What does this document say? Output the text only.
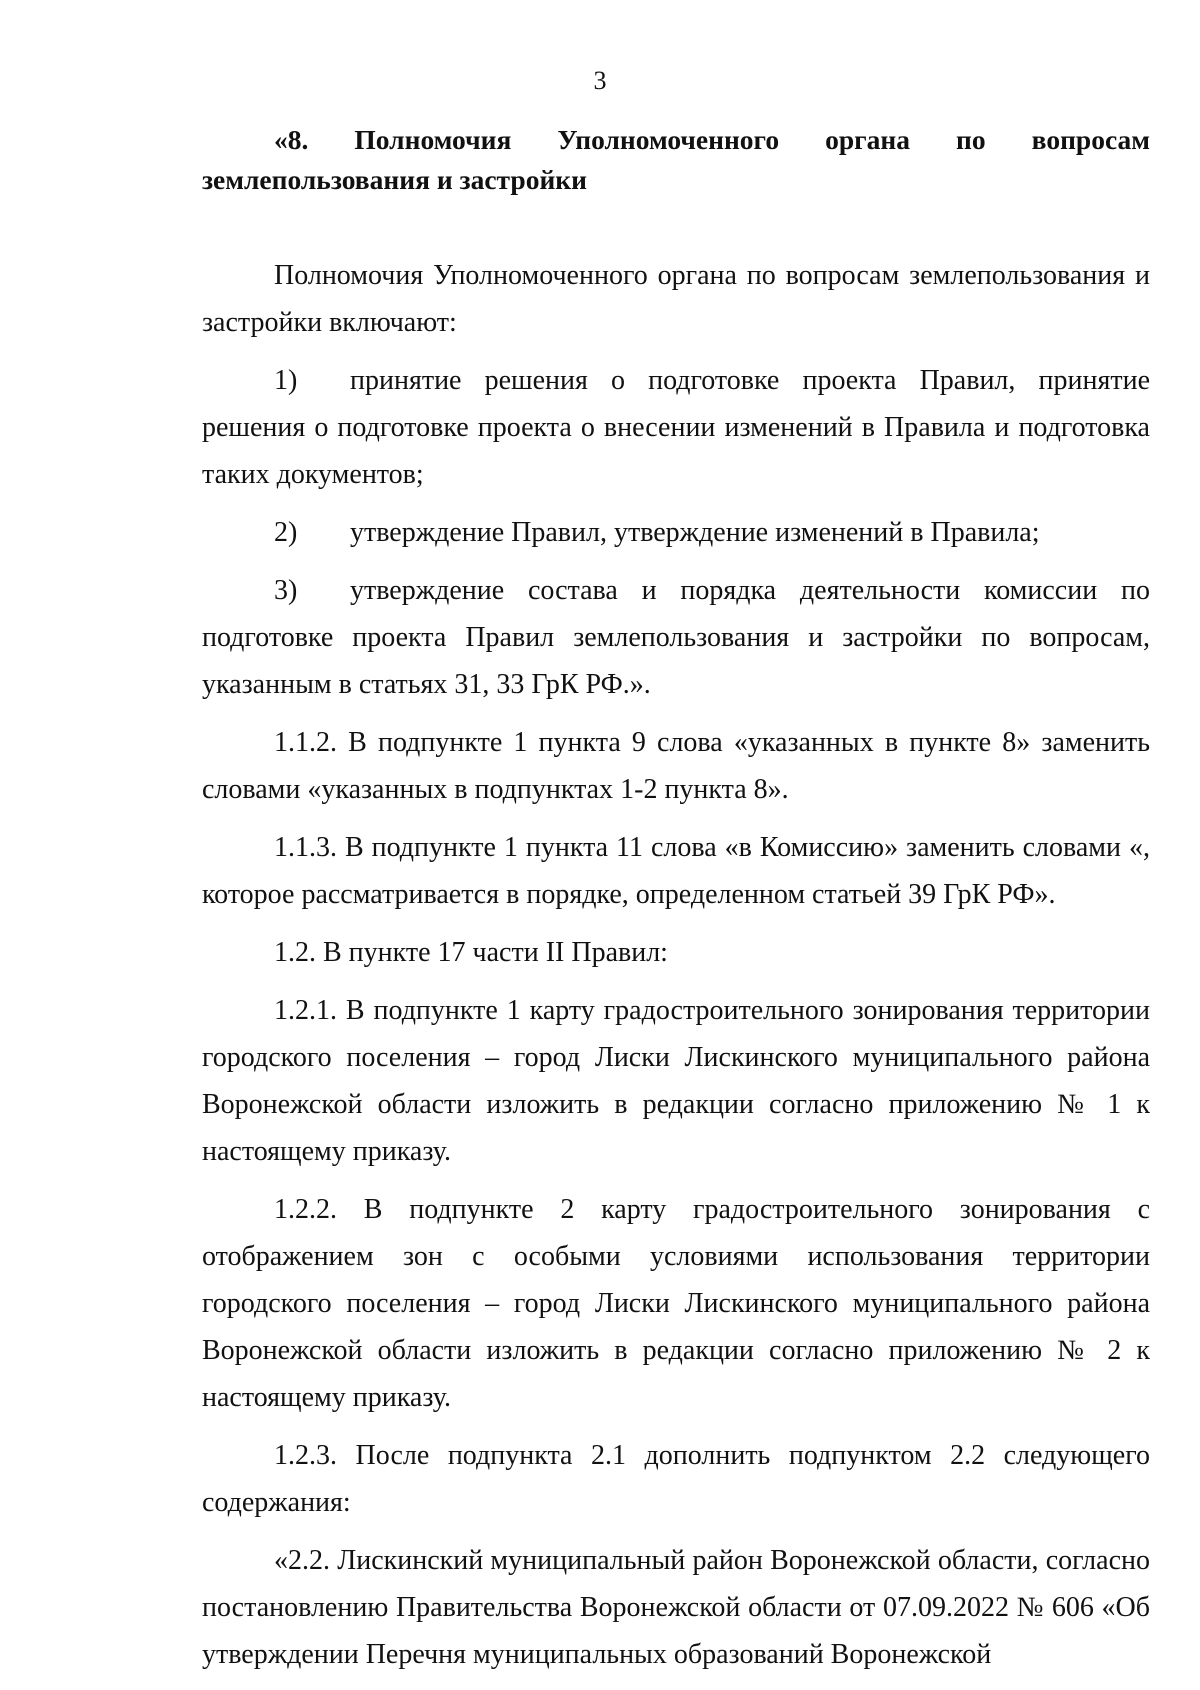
3

«8. Полномочия Уполномоченного органа по вопросам землепользования и застройки

Полномочия Уполномоченного органа по вопросам землепользования и застройки включают:

1) принятие решения о подготовке проекта Правил, принятие решения о подготовке проекта о внесении изменений в Правила и подготовка таких документов;

2) утверждение Правил, утверждение изменений в Правила;

3) утверждение состава и порядка деятельности комиссии по подготовке проекта Правил землепользования и застройки по вопросам, указанным в статьях 31, 33 ГрК РФ.».

1.1.2. В подпункте 1 пункта 9 слова «указанных в пункте 8» заменить словами «указанных в подпунктах 1-2 пункта 8».

1.1.3. В подпункте 1 пункта 11 слова «в Комиссию» заменить словами «, которое рассматривается в порядке, определенном статьей 39 ГрК РФ».

1.2. В пункте 17 части II Правил:

1.2.1. В подпункте 1 карту градостроительного зонирования территории городского поселения – город Лиски Лискинского муниципального района Воронежской области изложить в редакции согласно приложению № 1 к настоящему приказу.

1.2.2. В подпункте 2 карту градостроительного зонирования с отображением зон с особыми условиями использования территории городского поселения – город Лиски Лискинского муниципального района Воронежской области изложить в редакции согласно приложению № 2 к настоящему приказу.

1.2.3. После подпункта 2.1 дополнить подпунктом 2.2 следующего содержания:

«2.2. Лискинский муниципальный район Воронежской области, согласно постановлению Правительства Воронежской области от 07.09.2022 № 606 «Об утверждении Перечня муниципальных образований Воронежской
